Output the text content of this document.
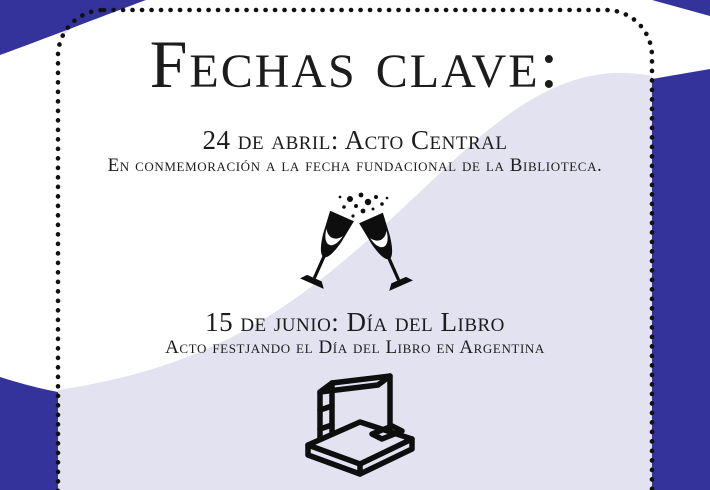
Fechas clave:
24 de abril: Acto Central
En conmemoración a la fecha fundacional de la Biblioteca.
15 de junio: Día del Libro
Acto festjando el Día del Libro en Argentina
